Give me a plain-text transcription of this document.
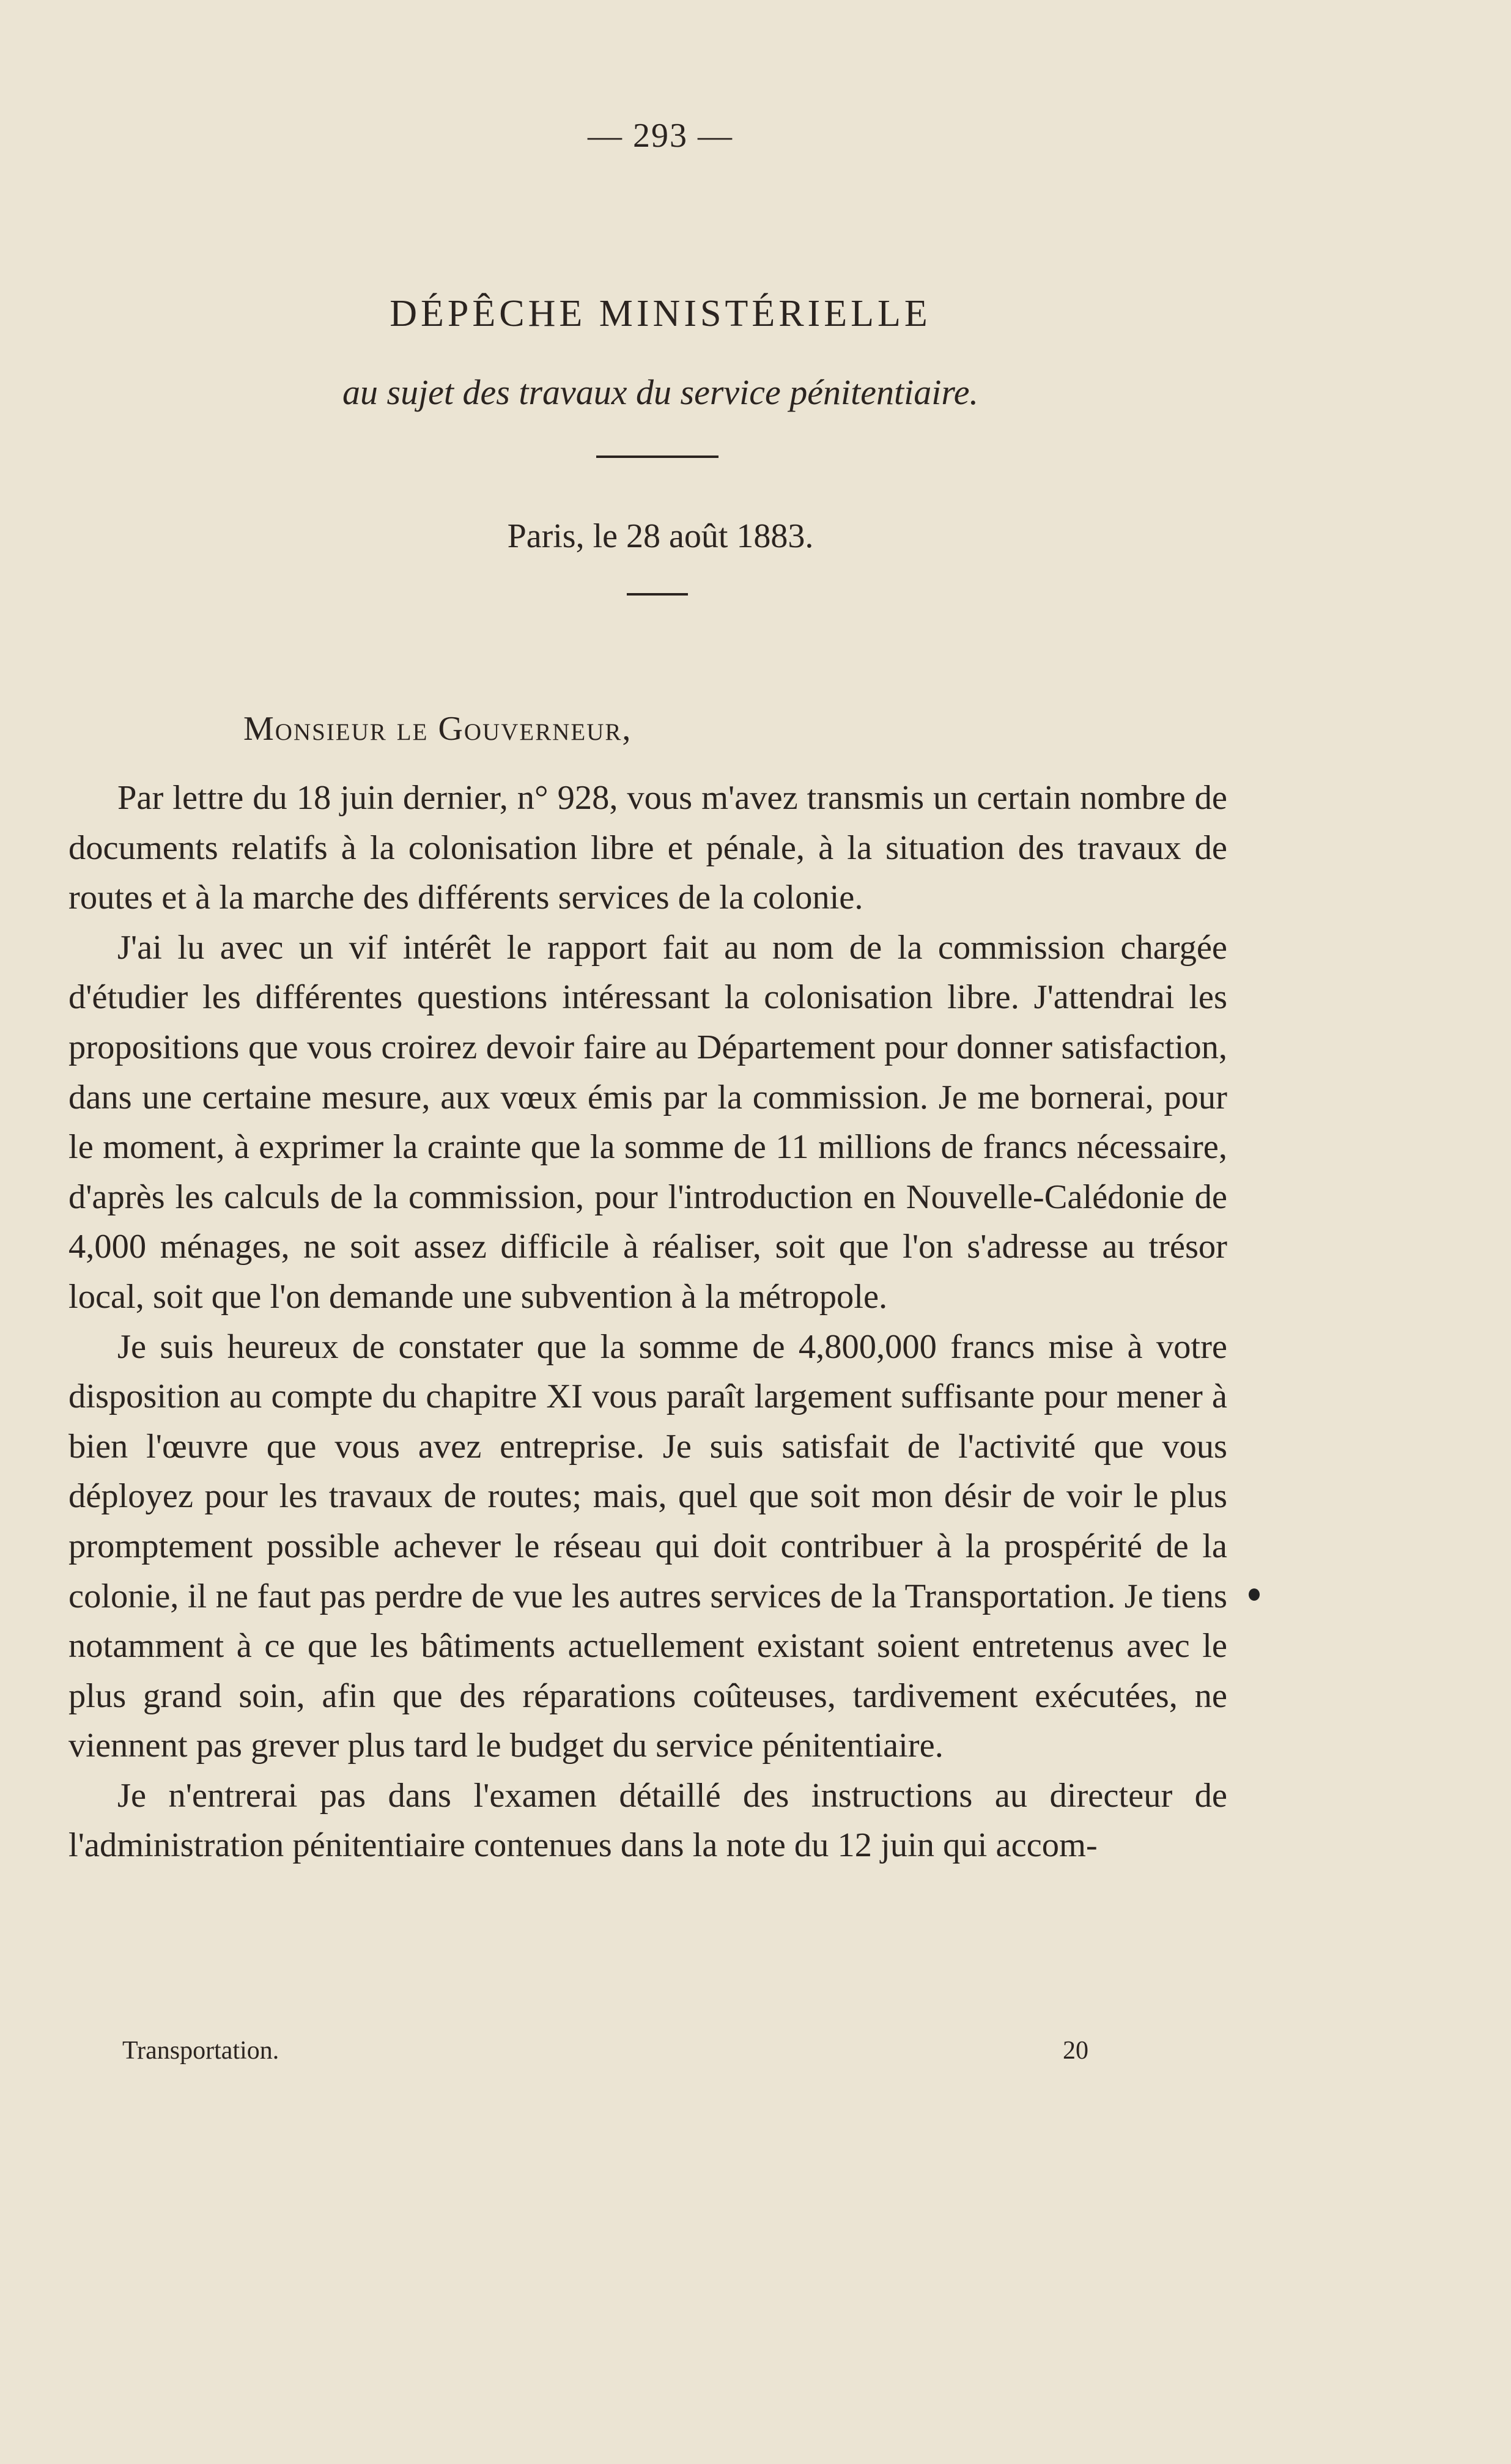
— 293 —
DÉPÊCHE MINISTÉRIELLE
au sujet des travaux du service pénitentiaire.
Paris, le 28 août 1883.
Monsieur le Gouverneur,

Par lettre du 18 juin dernier, n° 928, vous m'avez transmis un certain nombre de documents relatifs à la colonisation libre et pénale, à la situation des travaux de routes et à la marche des différents services de la colonie.

J'ai lu avec un vif intérêt le rapport fait au nom de la commission chargée d'étudier les différentes questions intéressant la colonisation libre. J'attendrai les propositions que vous croirez devoir faire au Département pour donner satisfaction, dans une certaine mesure, aux vœux émis par la commission. Je me bornerai, pour le moment, à exprimer la crainte que la somme de 11 millions de francs nécessaire, d'après les calculs de la commission, pour l'introduction en Nouvelle-Calédonie de 4,000 ménages, ne soit assez difficile à réaliser, soit que l'on s'adresse au trésor local, soit que l'on demande une subvention à la métropole.

Je suis heureux de constater que la somme de 4,800,000 francs mise à votre disposition au compte du chapitre XI vous paraît largement suffisante pour mener à bien l'œuvre que vous avez entreprise. Je suis satisfait de l'activité que vous déployez pour les travaux de routes; mais, quel que soit mon désir de voir le plus promptement possible achever le réseau qui doit contribuer à la prospérité de la colonie, il ne faut pas perdre de vue les autres services de la Transportation. Je tiens notamment à ce que les bâtiments actuellement existant soient entretenus avec le plus grand soin, afin que des réparations coûteuses, tardivement exécutées, ne viennent pas grever plus tard le budget du service pénitentiaire.

Je n'entrerai pas dans l'examen détaillé des instructions au directeur de l'administration pénitentiaire contenues dans la note du 12 juin qui accom-

Transportation.	20
